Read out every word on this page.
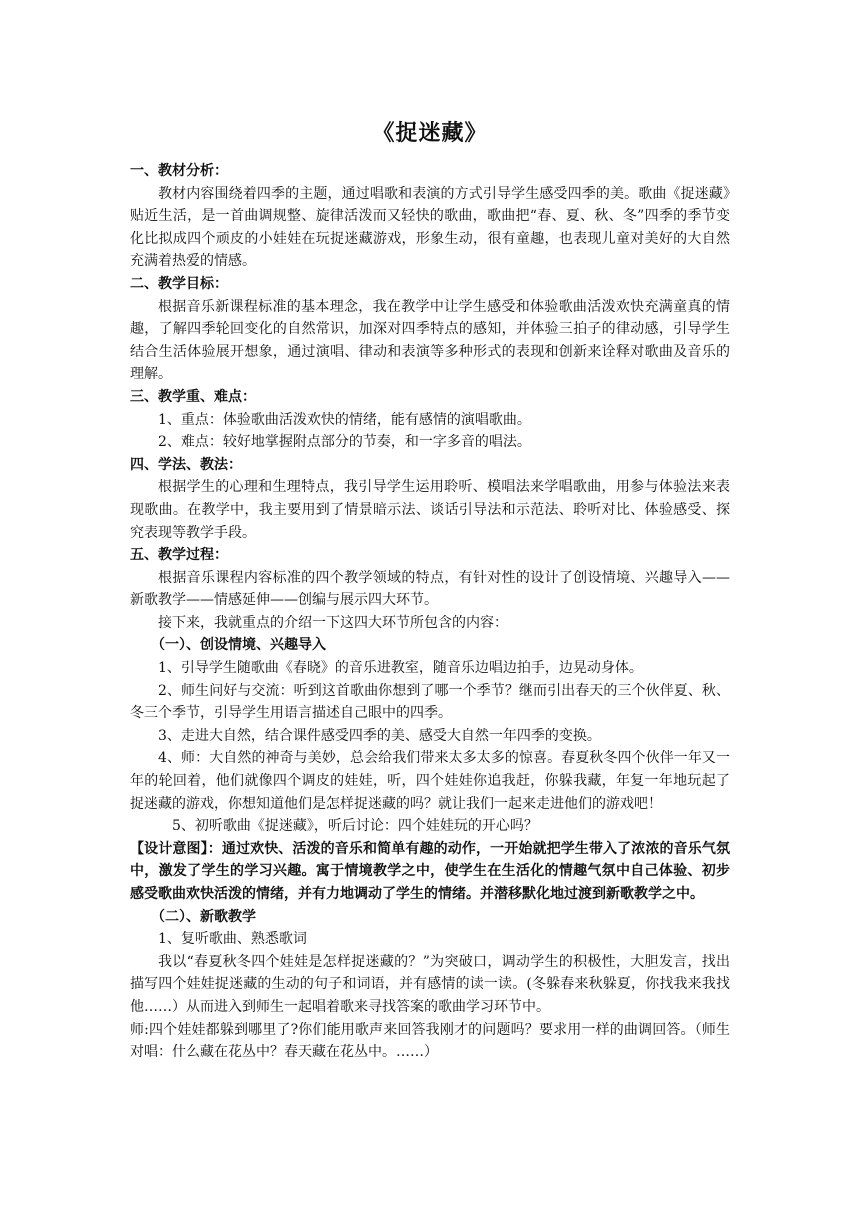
《捉迷藏》

一、教材分析：

教材内容围绕着四季的主题，通过唱歌和表演的方式引导学生感受四季的美。歌曲《捉迷藏》贴近生活，是一首曲调规整、旋律活泼而又轻快的歌曲，歌曲把“春、夏、秋、冬”四季的季节变化比拟成四个顽皮的小娃娃在玩捉迷藏游戏，形象生动，很有童趣，也表现儿童对美好的大自然充满着热爱的情感。

二、教学目标：

根据音乐新课程标准的基本理念，我在教学中让学生感受和体验歌曲活泼欢快充满童真的情趣，了解四季轮回变化的自然常识，加深对四季特点的感知，并体验三拍子的律动感，引导学生结合生活体验展开想象，通过演唱、律动和表演等多种形式的表现和创新来诠释对歌曲及音乐的理解。

三、教学重、难点：

1、重点：体验歌曲活泼欢快的情绪，能有感情的演唱歌曲。

2、难点：较好地掌握附点部分的节奏，和一字多音的唱法。

四、学法、教法：

根据学生的心理和生理特点，我引导学生运用聆听、模唱法来学唱歌曲，用参与体验法来表现歌曲。在教学中，我主要用到了情景暗示法、谈话引导法和示范法、聆听对比、体验感受、探究表现等教学手段。

五、教学过程：

根据音乐课程内容标准的四个教学领域的特点，有针对性的设计了创设情境、兴趣导入——新歌教学——情感延伸——创编与展示四大环节。

接下来，我就重点的介绍一下这四大环节所包含的内容：

（一）、创设情境、兴趣导入

1、引导学生随歌曲《春晓》的音乐进教室，随音乐边唱边拍手，边晃动身体。

2、师生问好与交流：听到这首歌曲你想到了哪一个季节？继而引出春天的三个伙伴夏、秋、冬三个季节，引导学生用语言描述自己眼中的四季。

3、走进大自然，结合课件感受四季的美、感受大自然一年四季的变换。

4、师：大自然的神奇与美妙，总会给我们带来太多太多的惊喜。春夏秋冬四个伙伴一年又一年的轮回着，他们就像四个调皮的娃娃，听，四个娃娃你追我赶，你躲我藏，年复一年地玩起了捉迷藏的游戏，你想知道他们是怎样捉迷藏的吗？就让我们一起来走进他们的游戏吧！

5、初听歌曲《捉迷藏》，听后讨论：四个娃娃玩的开心吗？

【设计意图】：通过欢快、活泼的音乐和简单有趣的动作，一开始就把学生带入了浓浓的音乐气氛中，激发了学生的学习兴趣。寓于情境教学之中，使学生在生活化的情趣气氛中自己体验、初步感受歌曲欢快活泼的情绪，并有力地调动了学生的情绪。并潜移默化地过渡到新歌教学之中。

（二）、新歌教学

1、复听歌曲、熟悉歌词

我以“春夏秋冬四个娃娃是怎样捉迷藏的？”为突破口，调动学生的积极性，大胆发言，找出描写四个娃娃捉迷藏的生动的句子和词语，并有感情的读一读。(冬躲春来秋躲夏，你找我来我找他……）从而进入到师生一起唱着歌来寻找答案的歌曲学习环节中。

师:四个娃娃都躲到哪里了?你们能用歌声来回答我刚才的问题吗？要求用一样的曲调回答。（师生对唱：什么藏在花丛中？春天藏在花丛中。……）
